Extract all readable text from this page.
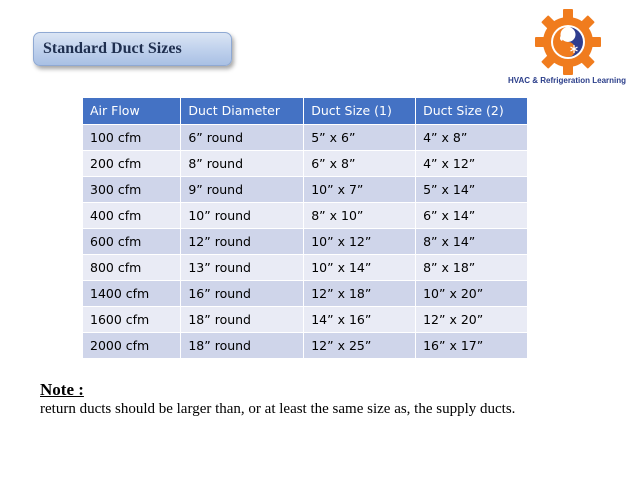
Standard Duct Sizes
HVAC & Refrigeration Learning
Air Flow	Duct Diameter	Duct Size (1)	Duct Size (2)
100 cfm	6” round	5” x 6”	4” x 8”
200 cfm	8” round	6” x 8”	4” x 12”
300 cfm	9” round	10” x 7”	5” x 14”
400 cfm	10” round	8” x 10”	6” x 14”
600 cfm	12” round	10” x 12”	8” x 14”
800 cfm	13” round	10” x 14”	8” x 18”
1400 cfm	16” round	12” x 18”	10” x 20”
1600 cfm	18” round	14” x 16”	12” x 20”
2000 cfm	18” round	12” x 25”	16” x 17”
Note :
return ducts should be larger than, or at least the same size as, the supply ducts.
